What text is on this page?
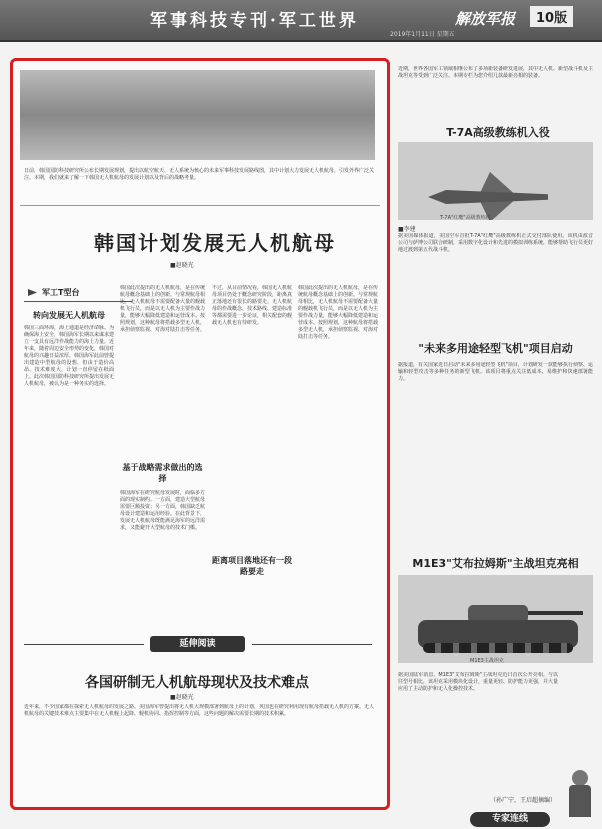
军事科技专刊·军工世界	解放军报	10版
2019年1月11日 星期五
日前，韩国国防科技研究所公布长期发展规划，提出以航空航天、无人系统为核心的未来军事科技发展路线图，其中计划大力发展无人机航母，引发外界广泛关注。本期，我们就来了解一下韩国无人机航母的发展计划以及背后的战略考量。
韩国计划发展无人机航母
■赵晓光
军工T型台
转向发展无人机航母
韩国三面环海，海上通道是经济命脉。为确保海上安全，韩国海军长期以来谋求建立一支具有远洋作战能力的海上力量。近年来，随着周边安全形势的变化，韩国对航母的兴趣日益浓厚。韩国海军此前曾提出建造中型航母的设想，但由于造价高昂、技术难度大，计划一直停留在纸面上。此次韩国国防科技研究所提出发展无人机航母，被认为是一种务实的选择。
韩国此次提出的无人机航母，是在传统航母概念基础上的创新。与常规航母相比，无人机航母不需要配备大量的舰载机飞行员，而是以无人机为主要作战力量，能够大幅降低建造和运营成本。按照规划，这种航母将搭载多型无人机，承担侦察监视、对海对陆打击等任务。
基于战略需求做出的选择
韩国海军在研究航母发展时，面临多方面的现实制约。一方面，建造大型航母需要巨额投资；另一方面，韩国缺乏航母设计建造和运用经验。在此背景下，发展无人机航母既能满足海军的远洋需求，又能避开大型航母的技术门槛。
不过，从目前情况看，韩国无人机航母项目仍处于概念研究阶段，距离真正落地还有很长的路要走。无人机航母的作战概念、技术路线、建造标准等都需要进一步论证，相关配套的舰载无人机也有待研发。
距离项目落地还有一段路要走
韩国此次提出的无人机航母，是在传统航母概念基础上的创新。与常规航母相比，无人机航母不需要配备大量的舰载机飞行员，而是以无人机为主要作战力量，能够大幅降低建造和运营成本。按照规划，这种航母将搭载多型无人机，承担侦察监视、对海对陆打击等任务。
延伸阅读
各国研制无人机航母现状及技术难点
■赵晓光
近年来，不少国家都在探索无人机航母的发展之路。美国海军曾提出将无人机大规模部署到航母上的计划，英国也在研究利用现有航母搭载无人机的方案。无人机航母的关键技术难点主要集中在无人机舰上起降、舰机协同、指挥控制等方面，这些问题的解决需要长期的技术积累。
近期，世界各国军工领域相继公布了多项新装备研发进展，其中无人机、新型战斗机及主战坦克等受到广泛关注。本期专栏为您介绍几款最新亮相的装备。
T-7A高级教练机入役
T-7A"红鹰"高级教练机
■李建
据美国媒体报道，美国空军首批T-7A"红鹰"高级教练机正式交付部队使用。该机由波音公司与萨博公司联合研制，采用数字化设计和先进的模拟训练系统，能够帮助飞行员更好地过渡到第五代战斗机。
"未来多用途轻型飞机"项目启动
据报道，有关国家近日启动"未来多用途轻型飞机"项目，计划研发一款能够执行侦察、运输和轻型攻击等多种任务的新型飞机。该项目将重点关注低成本、易维护和快速部署能力。
M1E3"艾布拉姆斯"主战坦克亮相
M1E3主战坦克
据美国陆军消息，M1E3"艾布拉姆斯"主战坦克近日首次公开亮相。与以往型号相比，该坦克采用模块化设计，重量更轻、防护能力更强，并大量应用了主动防护和无人化操控技术。
（孙广宁，王启超摘编）
专家连线
